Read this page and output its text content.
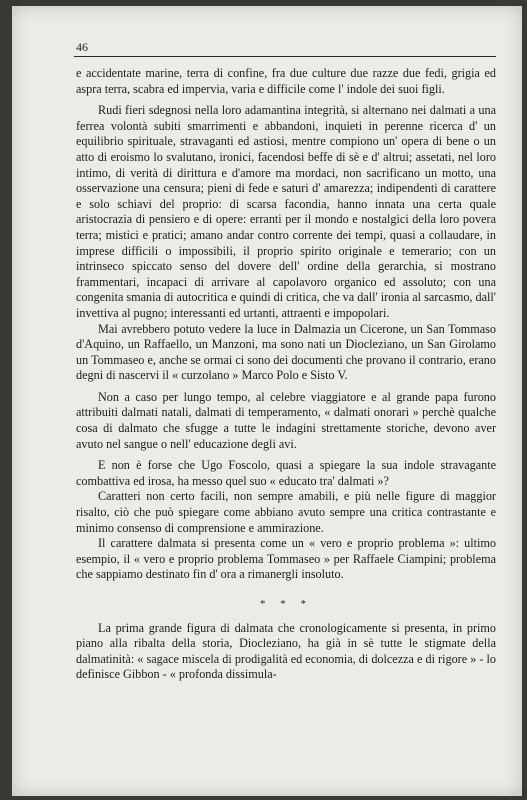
46

e accidentate marine, terra di confine, fra due culture due razze due fedi, grigia ed aspra terra, scabra ed impervia, varia e difficile come l' indole dei suoi figli.

Rudi fieri sdegnosi nella loro adamantina integrità, si alternano nei dalmati a una ferrea volontà subiti smarrimenti e abbandoni, inquieti in perenne ricerca d' un equilibrio spirituale, stravaganti ed astiosi, mentre compiono un' opera di bene o un atto di eroismo lo svalutano, ironici, facendosi beffe di sè e d' altrui; assetati, nel loro intimo, di verità di dirittura e d'amore ma mordaci, non sacrificano un motto, una osservazione una censura; pieni di fede e saturi d' amarezza; indipendenti di carattere e solo schiavi del proprio: di scarsa facondia, hanno innata una certa quale aristocrazia di pensiero e di opere: erranti per il mondo e nostalgici della loro povera terra; mistici e pratici; amano andar contro corrente dei tempi, quasi a collaudare, in imprese difficili o impossibili, il proprio spirito originale e temerario; con un intrinseco spiccato senso del dovere dell' ordine della gerarchia, si mostrano frammentari, incapaci di arrivare al capolavoro organico ed assoluto; con una congenita smania di autocritica e quindi di critica, che va dall' ironia al sarcasmo, dall' invettiva al pugno; interessanti ed urtanti, attraenti e impopolari.

Mai avrebbero potuto vedere la luce in Dalmazia un Cicerone, un San Tommaso d'Aquino, un Raffaello, un Manzoni, ma sono nati un Diocleziano, un San Girolamo un Tommaseo e, anche se ormai ci sono dei documenti che provano il contrario, erano degni di nascervi il « curzolano » Marco Polo e Sisto V.

Non a caso per lungo tempo, al celebre viaggiatore e al grande papa furono attribuiti dalmati natali, dalmati di temperamento, « dalmati onorari » perchè qualche cosa di dalmato che sfugge a tutte le indagini strettamente storiche, devono aver avuto nel sangue o nell' educazione degli avi.

E non è forse che Ugo Foscolo, quasi a spiegare la sua indole stravagante combattiva ed irosa, ha messo quel suo « educato tra' dalmati »?

Caratteri non certo facili, non sempre amabili, e più nelle figure di maggior risalto, ciò che può spiegare come abbiano avuto sempre una critica contrastante e minimo consenso di comprensione e ammirazione.

Il carattere dalmata si presenta come un « vero e proprio problema »: ultimo esempio, il « vero e proprio problema Tommaseo » per Raffaele Ciampini; problema che sappiamo destinato fin d' ora a rimanergli insoluto.

* * *

La prima grande figura di dalmata che cronologicamente si presenta, in primo piano alla ribalta della storia, Diocleziano, ha già in sè tutte le stigmate della dalmatinità: « sagace miscela di prodigalità ed economia, di dolcezza e di rigore » - lo definisce Gibbon - « profonda dissimula-
